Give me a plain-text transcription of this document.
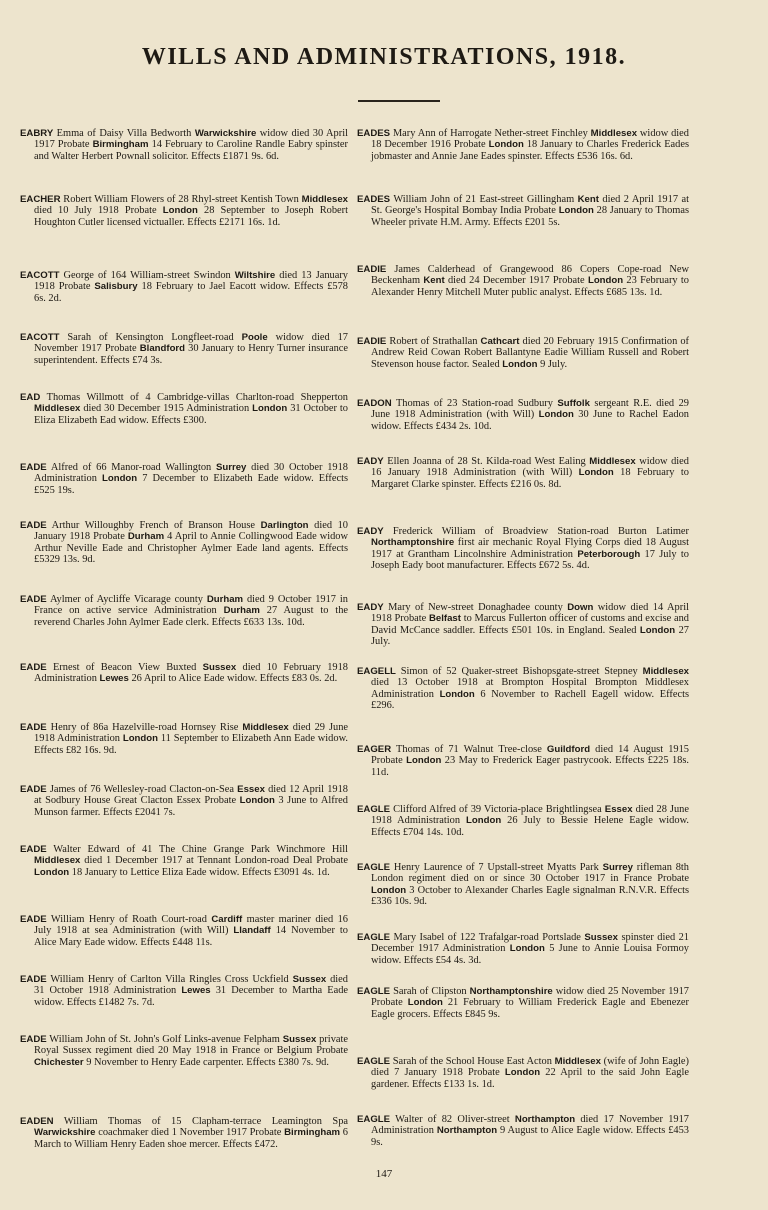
WILLS AND ADMINISTRATIONS, 1918.
EABRY Emma of Daisy Villa Bedworth Warwickshire widow died 30 April 1917 Probate Birmingham 14 February to Caroline Randle Eabry spinster and Walter Herbert Pownall solicitor. Effects £1871 9s. 6d.
EACHER Robert William Flowers of 28 Rhyl-street Kentish Town Middlesex died 10 July 1918 Probate London 28 September to Joseph Robert Houghton Cutler licensed victualler. Effects £2171 16s. 1d.
EACOTT George of 164 William-street Swindon Wiltshire died 13 January 1918 Probate Salisbury 18 February to Jael Eacott widow. Effects £578 6s. 2d.
EACOTT Sarah of Kensington Longfleet-road Poole widow died 17 November 1917 Probate Blandford 30 January to Henry Turner insurance superintendent. Effects £74 3s.
EAD Thomas Willmott of 4 Cambridge-villas Charlton-road Shepperton Middlesex died 30 December 1915 Administration London 31 October to Eliza Elizabeth Ead widow. Effects £300.
EADE Alfred of 66 Manor-road Wallington Surrey died 30 October 1918 Administration London 7 December to Elizabeth Eade widow. Effects £525 19s.
EADE Arthur Willoughby French of Branson House Darlington died 10 January 1918 Probate Durham 4 April to Annie Collingwood Eade widow Arthur Neville Eade and Christopher Aylmer Eade land agents. Effects £5329 13s. 9d.
EADE Aylmer of Aycliffe Vicarage county Durham died 9 October 1917 in France on active service Administration Durham 27 August to the reverend Charles John Aylmer Eade clerk. Effects £633 13s. 10d.
EADE Ernest of Beacon View Buxted Sussex died 10 February 1918 Administration Lewes 26 April to Alice Eade widow. Effects £83 0s. 2d.
EADE Henry of 86a Hazelville-road Hornsey Rise Middlesex died 29 June 1918 Administration London 11 September to Elizabeth Ann Eade widow. Effects £82 16s. 9d.
EADE James of 76 Wellesley-road Clacton-on-Sea Essex died 12 April 1918 at Sodbury House Great Clacton Essex Probate London 3 June to Alfred Munson farmer. Effects £2041 7s.
EADE Walter Edward of 41 The Chine Grange Park Winchmore Hill Middlesex died 1 December 1917 at Tennant London-road Deal Probate London 18 January to Lettice Eliza Eade widow. Effects £3091 4s. 1d.
EADE William Henry of Roath Court-road Cardiff master mariner died 16 July 1918 at sea Administration (with Will) Llandaff 14 November to Alice Mary Eade widow. Effects £448 11s.
EADE William Henry of Carlton Villa Ringles Cross Uckfield Sussex died 31 October 1918 Administration Lewes 31 December to Martha Eade widow. Effects £1482 7s. 7d.
EADE William John of St. John's Golf Links-avenue Felpham Sussex private Royal Sussex regiment died 20 May 1918 in France or Belgium Probate Chichester 9 November to Henry Eade carpenter. Effects £380 7s. 9d.
EADEN William Thomas of 15 Clapham-terrace Leamington Spa Warwickshire coachmaker died 1 November 1917 Probate Birmingham 6 March to William Henry Eaden shoe mercer. Effects £472.
EADES Mary Ann of Harrogate Nether-street Finchley Middlesex widow died 18 December 1916 Probate London 18 January to Charles Frederick Eades jobmaster and Annie Jane Eades spinster. Effects £536 16s. 6d.
EADES William John of 21 East-street Gillingham Kent died 2 April 1917 at St. George's Hospital Bombay India Probate London 28 January to Thomas Wheeler private H.M. Army. Effects £201 5s.
EADIE James Calderhead of Grangewood 86 Copers Cope-road New Beckenham Kent died 24 December 1917 Probate London 23 February to Alexander Henry Mitchell Muter public analyst. Effects £685 13s. 1d.
EADIE Robert of Strathallan Cathcart died 20 February 1915 Confirmation of Andrew Reid Cowan Robert Ballantyne Eadie William Russell and Robert Stevenson house factor. Sealed London 9 July.
EADON Thomas of 23 Station-road Sudbury Suffolk sergeant R.E. died 29 June 1918 Administration (with Will) London 30 June to Rachel Eadon widow. Effects £434 2s. 10d.
EADY Ellen Joanna of 28 St. Kilda-road West Ealing Middlesex widow died 16 January 1918 Administration (with Will) London 18 February to Margaret Clarke spinster. Effects £216 0s. 8d.
EADY Frederick William of Broadview Station-road Burton Latimer Northamptonshire first air mechanic Royal Flying Corps died 18 August 1917 at Grantham Lincolnshire Administration Peterborough 17 July to Joseph Eady boot manufacturer. Effects £672 5s. 4d.
EADY Mary of New-street Donaghadee county Down widow died 14 April 1918 Probate Belfast to Marcus Fullerton officer of customs and excise and David McCance saddler. Effects £501 10s. in England. Sealed London 27 July.
EAGELL Simon of 52 Quaker-street Bishopsgate-street Stepney Middlesex died 13 October 1918 at Brompton Hospital Brompton Middlesex Administration London 6 November to Rachell Eagell widow. Effects £296.
EAGER Thomas of 71 Walnut Tree-close Guildford died 14 August 1915 Probate London 23 May to Frederick Eager pastrycook. Effects £225 18s. 11d.
EAGLE Clifford Alfred of 39 Victoria-place Brightlingsea Essex died 28 June 1918 Administration London 26 July to Bessie Helene Eagle widow. Effects £704 14s. 10d.
EAGLE Henry Laurence of 7 Upstall-street Myatts Park Surrey rifleman 8th London regiment died on or since 30 October 1917 in France Probate London 3 October to Alexander Charles Eagle signalman R.N.V.R. Effects £336 10s. 9d.
EAGLE Mary Isabel of 122 Trafalgar-road Portslade Sussex spinster died 21 December 1917 Administration London 5 June to Annie Louisa Formoy widow. Effects £54 4s. 3d.
EAGLE Sarah of Clipston Northamptonshire widow died 25 November 1917 Probate London 21 February to William Frederick Eagle and Ebenezer Eagle grocers. Effects £845 9s.
EAGLE Sarah of the School House East Acton Middlesex (wife of John Eagle) died 7 January 1918 Probate London 22 April to the said John Eagle gardener. Effects £133 1s. 1d.
EAGLE Walter of 82 Oliver-street Northampton died 17 November 1917 Administration Northampton 9 August to Alice Eagle widow. Effects £453 9s.
147
